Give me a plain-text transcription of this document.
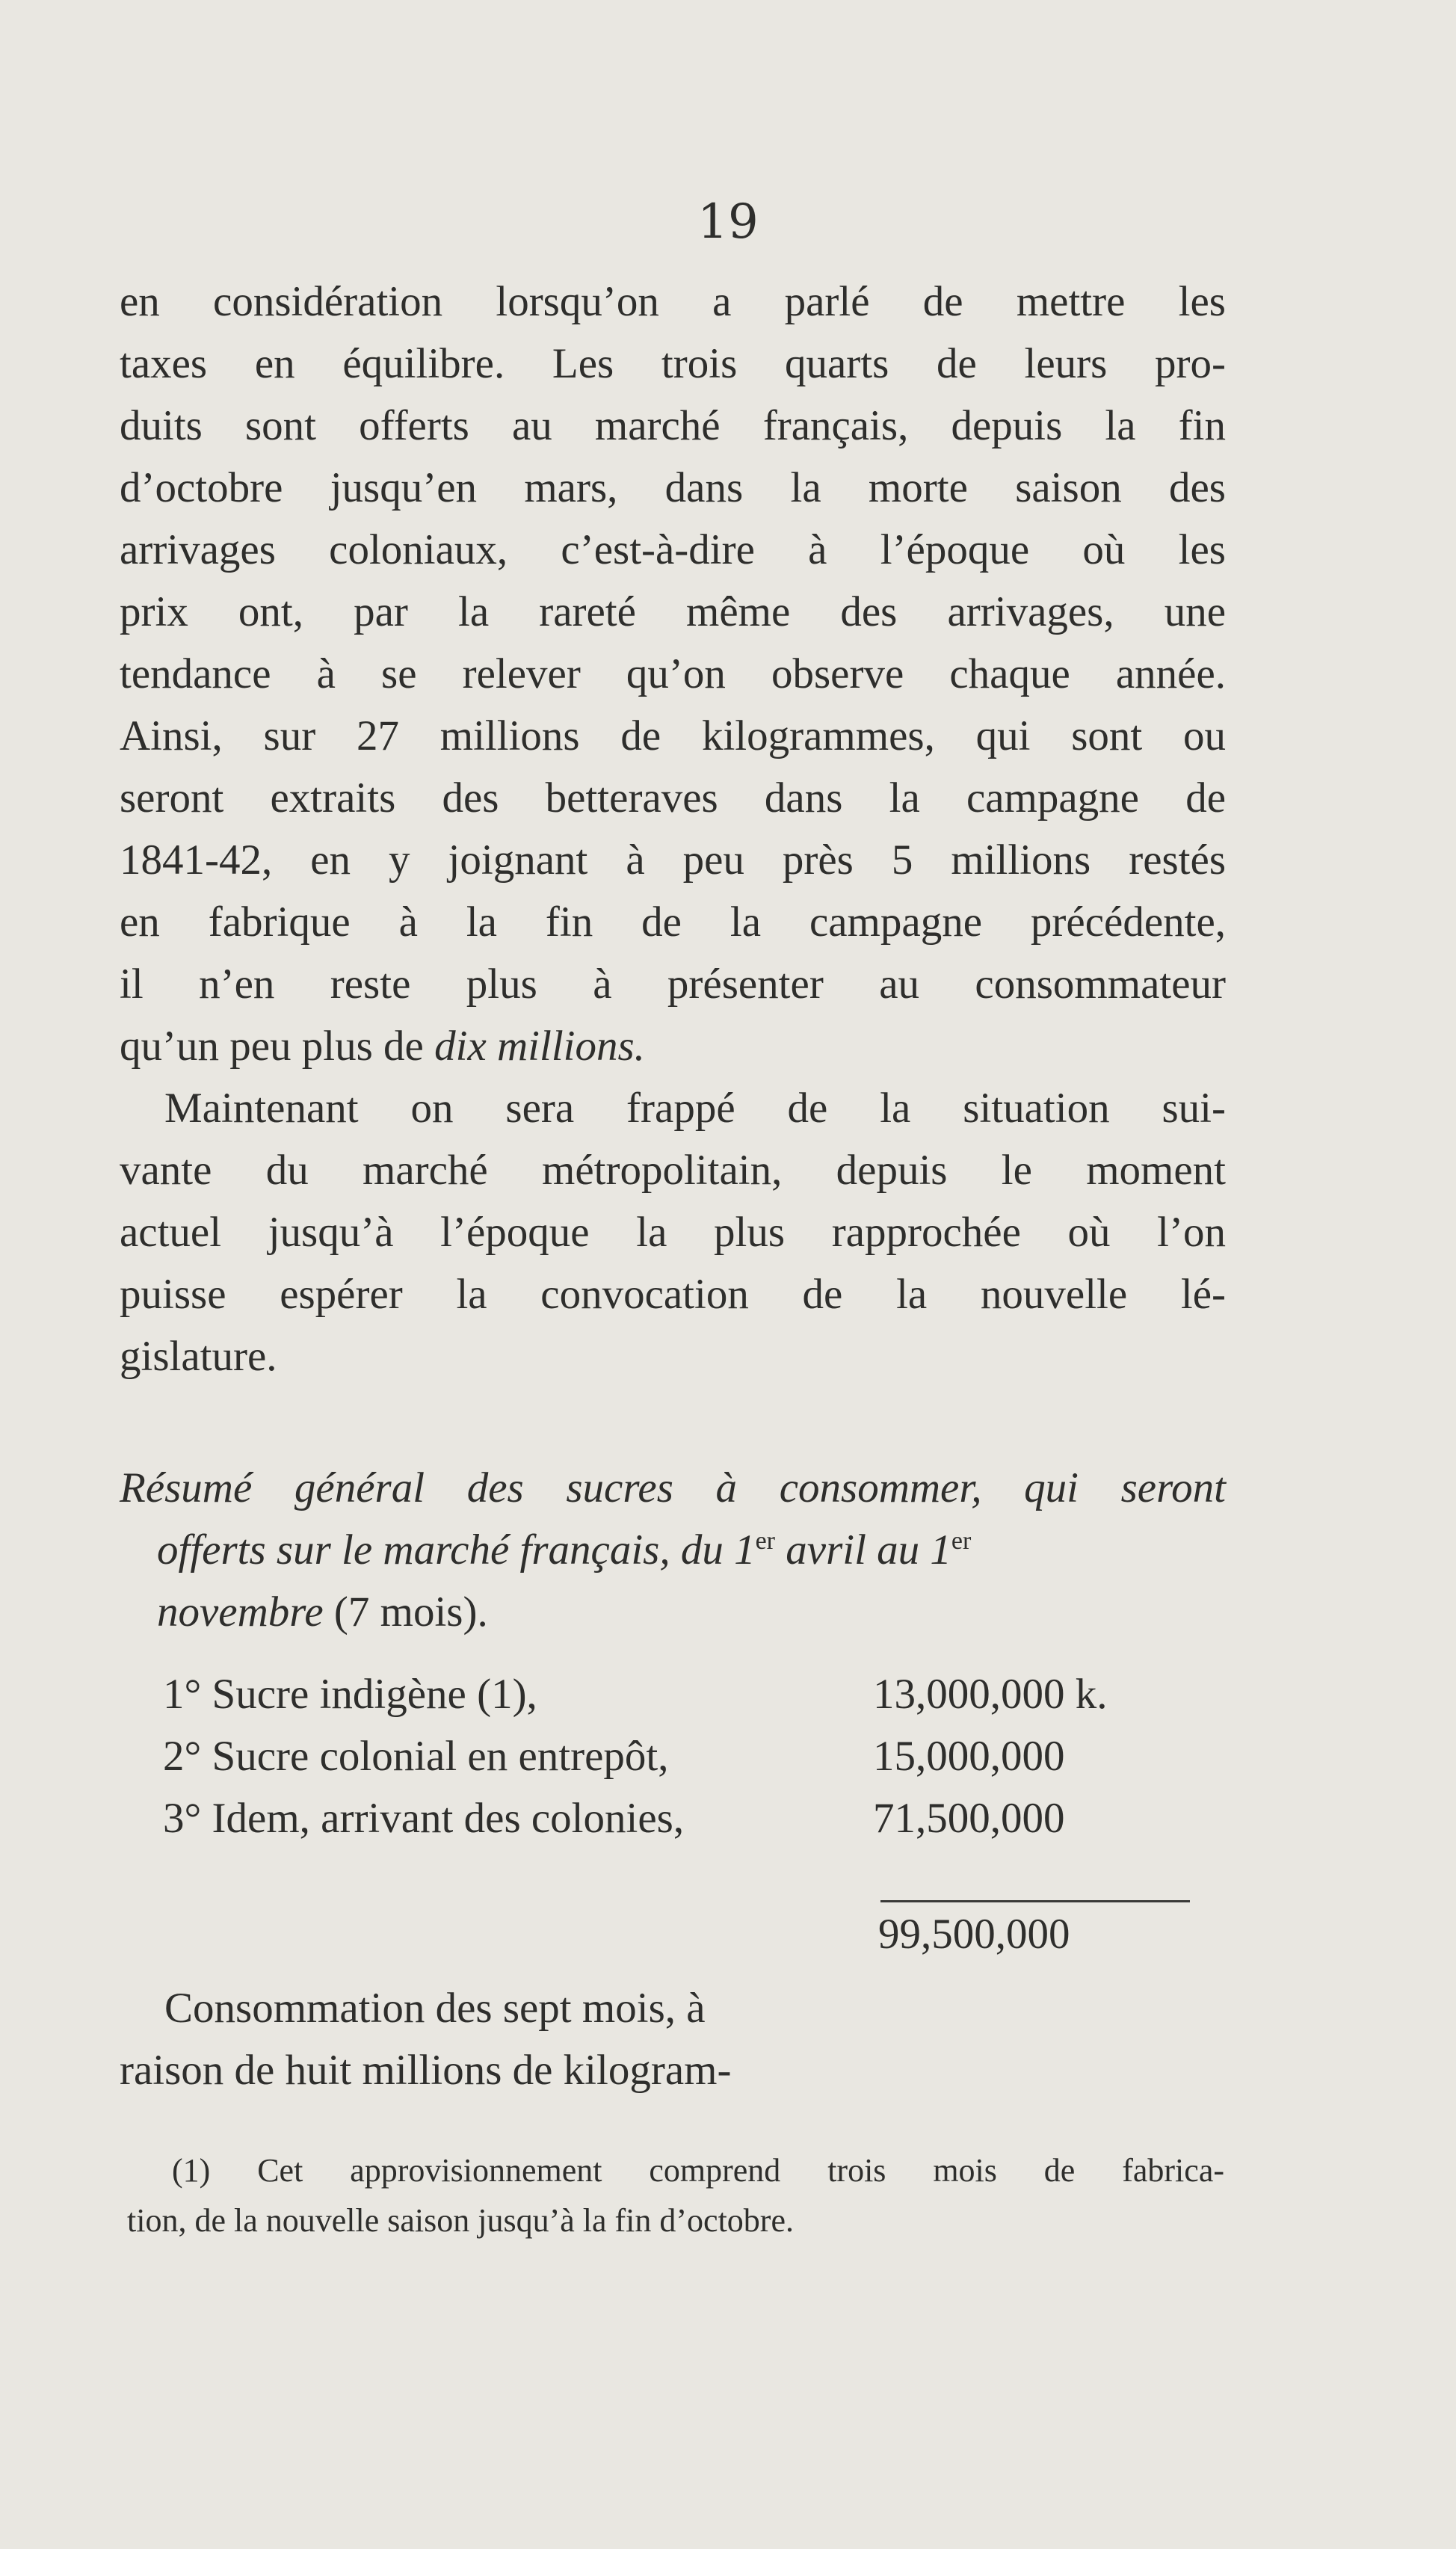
19
en considération lorsqu’on a parlé de mettre les
taxes en équilibre. Les trois quarts de leurs pro-
duits sont offerts au marché français, depuis la fin
d’octobre jusqu’en mars, dans la morte saison des
arrivages coloniaux, c’est-à-dire à l’époque où les
prix ont, par la rareté même des arrivages, une
tendance à se relever qu’on observe chaque année.
Ainsi, sur 27 millions de kilogrammes, qui sont ou
seront extraits des betteraves dans la campagne de
1841-42, en y joignant à peu près 5 millions restés
en fabrique à la fin de la campagne précédente,
il n’en reste plus à présenter au consommateur
qu’un peu plus de dix millions.
Maintenant on sera frappé de la situation sui-
vante du marché métropolitain, depuis le moment
actuel jusqu’à l’époque la plus rapprochée où l’on
puisse espérer la convocation de la nouvelle lé-
gislature.
Résumé général des sucres à consommer, qui seront
offerts sur le marché français, du 1er avril au 1er
novembre (7 mois).
1° Sucre indigène (1),	13,000,000 k.
2° Sucre colonial en entrepôt,	15,000,000
3° Idem, arrivant des colonies,	71,500,000
99,500,000
Consommation des sept mois, à
raison de huit millions de kilogram-
(1) Cet approvisionnement comprend trois mois de fabrica-
tion, de la nouvelle saison jusqu’à la fin d’octobre.
